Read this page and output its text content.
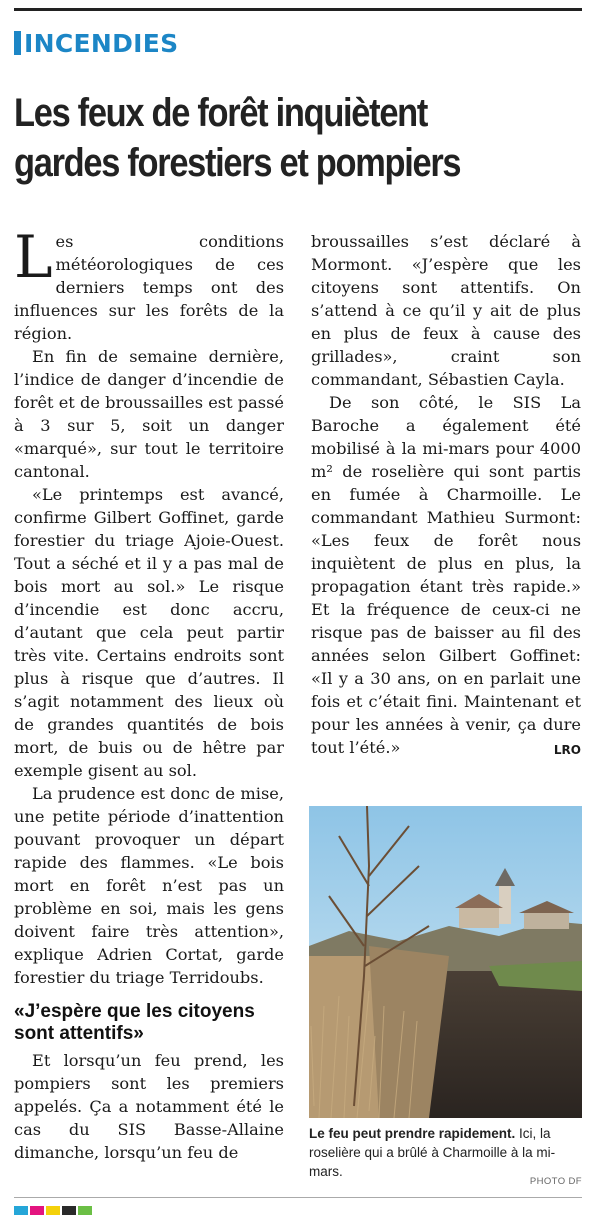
INCENDIES
Les feux de forêt inquiètent
gardes forestiers et pompiers

Les conditions météorologiques de ces derniers temps ont des influences sur les forêts de la région.

En fin de semaine dernière, l’indice de danger d’incendie de forêt et de broussailles est passé à 3 sur 5, soit un danger «marqué», sur tout le territoire cantonal.

«Le printemps est avancé, confirme Gilbert Goffinet, garde forestier du triage Ajoie-Ouest. Tout a séché et il y a pas mal de bois mort au sol.» Le risque d’incendie est donc accru, d’autant que cela peut partir très vite. Certains endroits sont plus à risque que d’autres. Il s’agit notamment des lieux où de grandes quantités de bois mort, de buis ou de hêtre par exemple gisent au sol.

La prudence est donc de mise, une petite période d’inattention pouvant provoquer un départ rapide des flammes. «Le bois mort en forêt n’est pas un problème en soi, mais les gens doivent faire très attention», explique Adrien Cortat, garde forestier du triage Terridoubs.

«J’espère que les citoyens sont attentifs»

Et lorsqu’un feu prend, les pompiers sont les premiers appelés. Ça a notamment été le cas du SIS Basse-Allaine dimanche, lorsqu’un feu de

broussailles s’est déclaré à Mormont. «J’espère que les citoyens sont attentifs. On s’attend à ce qu’il y ait de plus en plus de feux à cause des grillades», craint son commandant, Sébastien Cayla.

De son côté, le SIS La Baroche a également été mobilisé à la mi-mars pour 4000 m² de roselière qui sont partis en fumée à Charmoille. Le commandant Mathieu Surmont: «Les feux de forêt nous inquiètent de plus en plus, la propagation étant très rapide.» Et la fréquence de ceux-ci ne risque pas de baisser au fil des années selon Gilbert Goffinet: «Il y a 30 ans, on en parlait une fois et c’était fini. Maintenant et pour les années à venir, ça dure tout l’été.»	LRO

Le feu peut prendre rapidement. Ici, la roselière qui a brûlé à Charmoille à la mi-mars.
PHOTO DF
